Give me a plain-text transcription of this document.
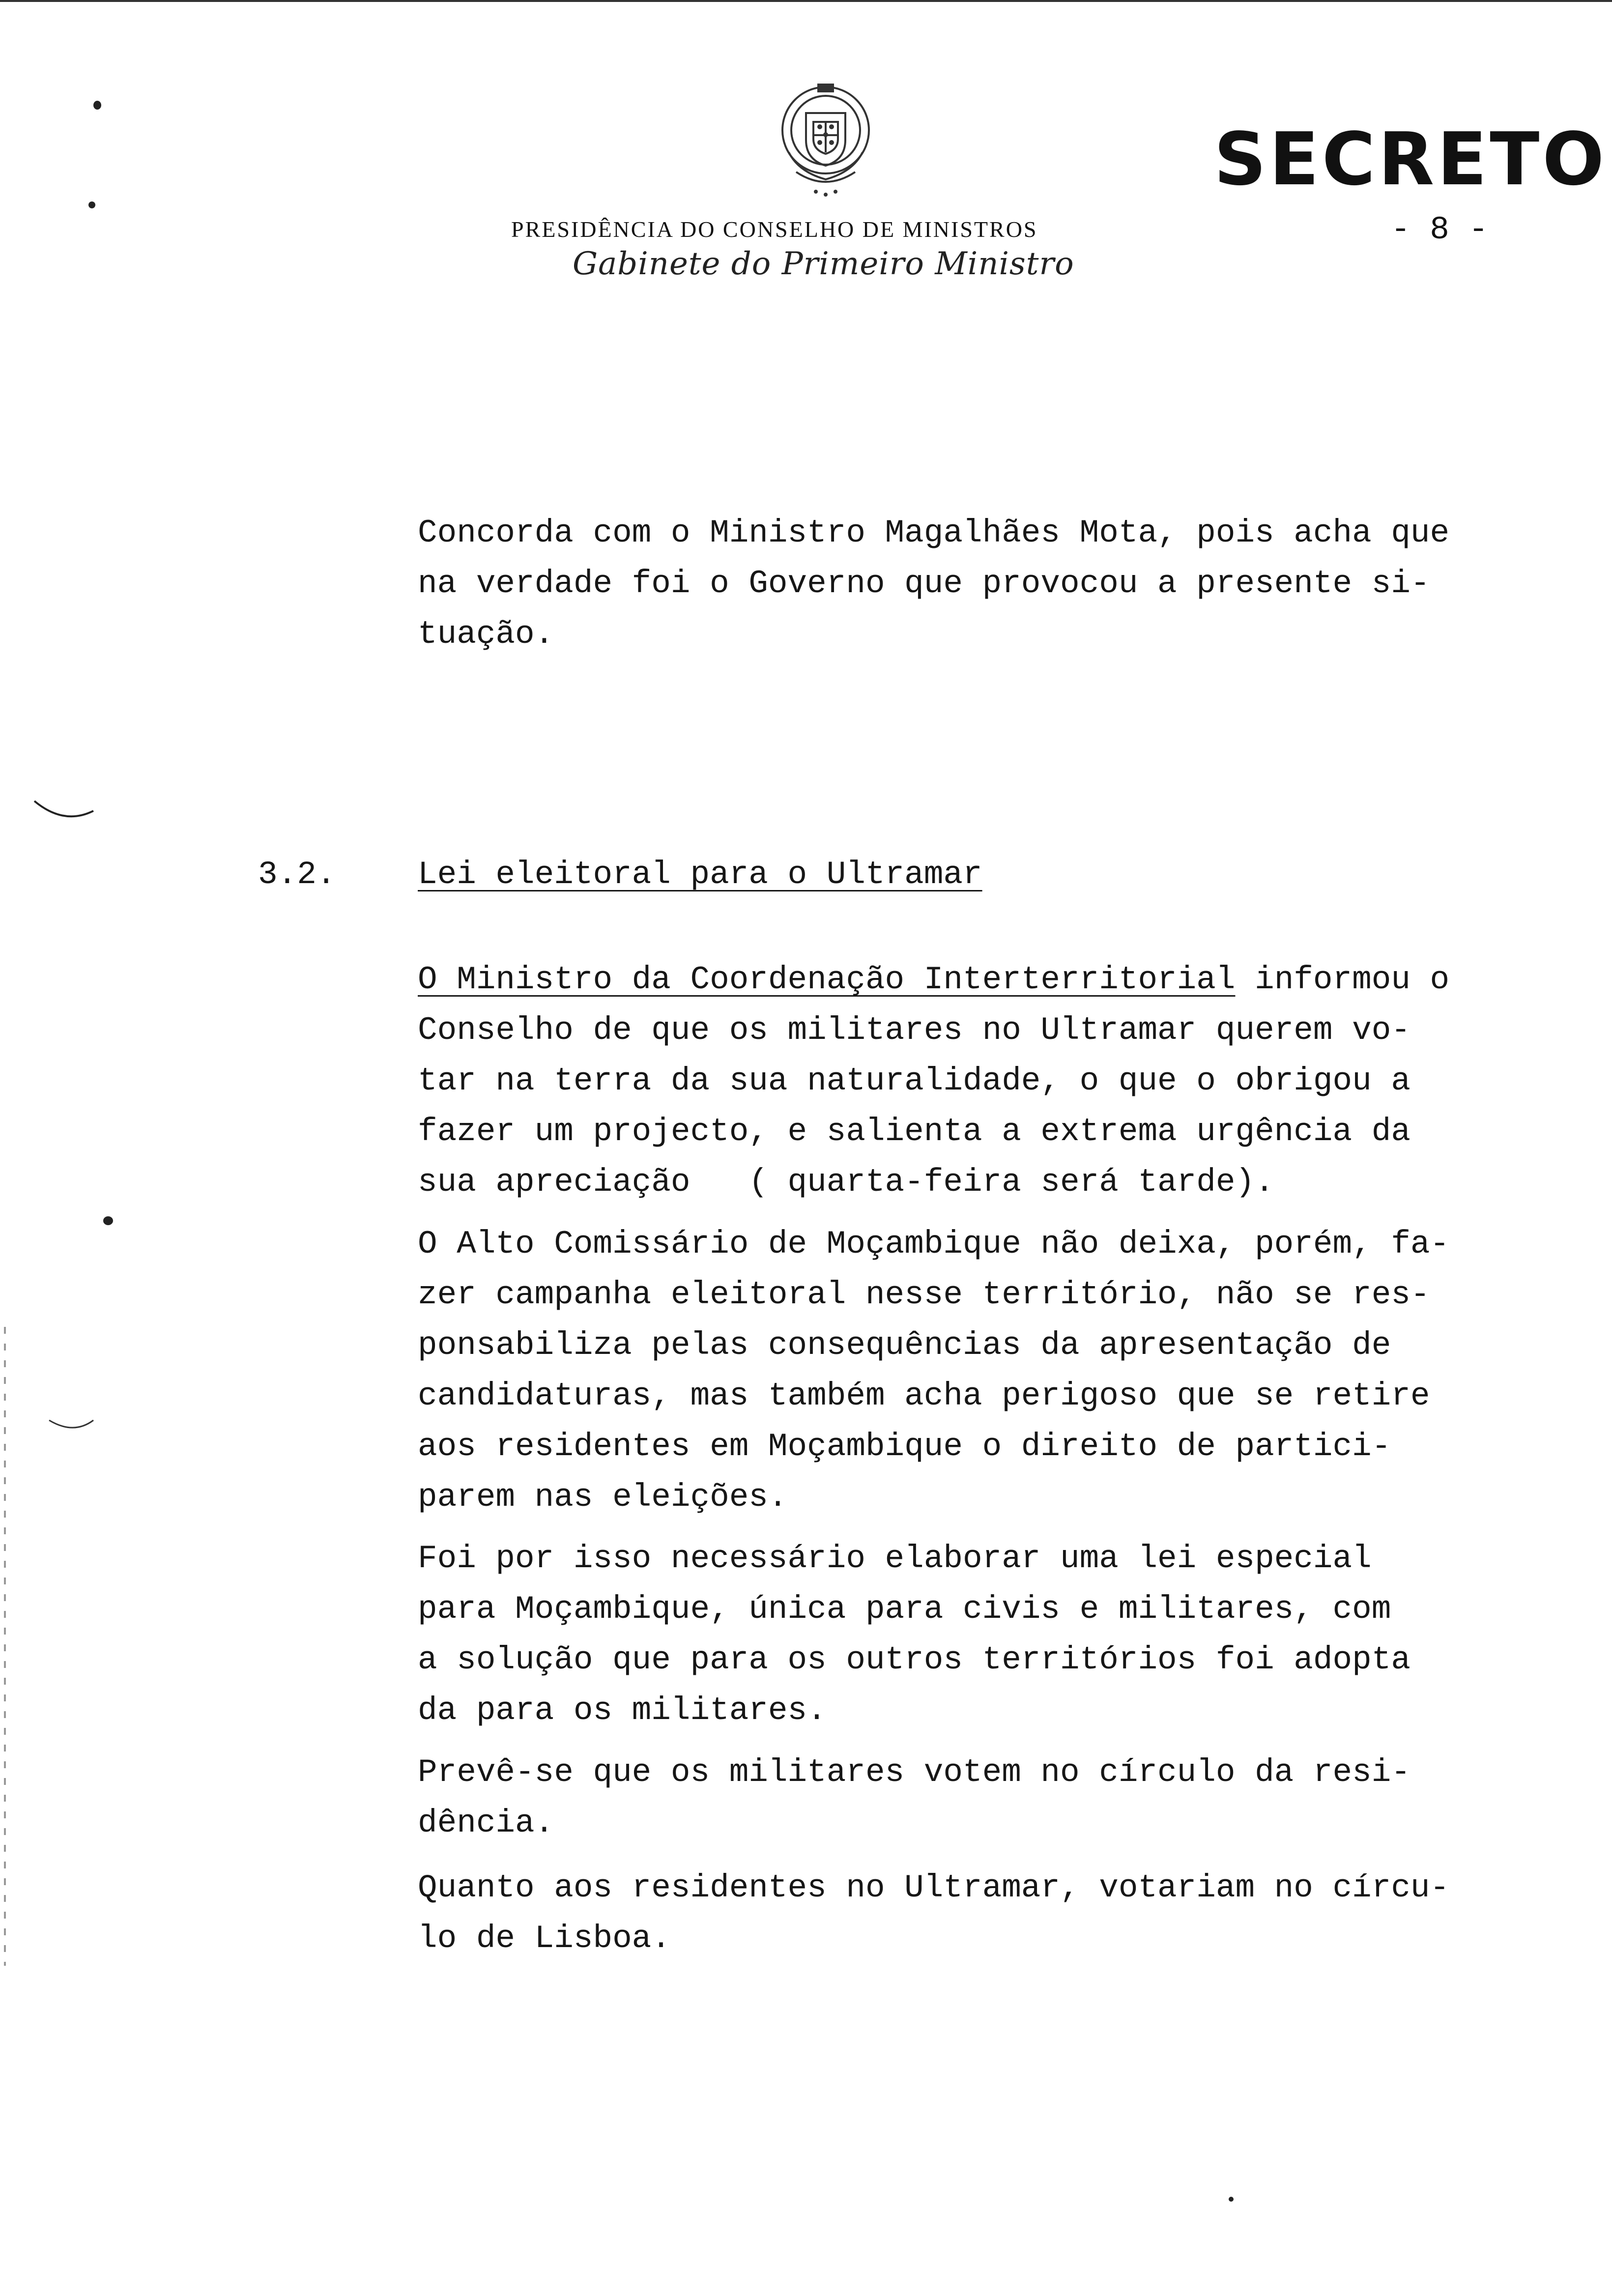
SECRETO
- 8 -
PRESIDÊNCIA DO CONSELHO DE MINISTROS
Gabinete do Primeiro Ministro

Concorda com o Ministro Magalhães Mota, pois acha que

na verdade foi o Governo que provocou a presente si-

tuação.

3.2.	Lei eleitoral para o Ultramar

O Ministro da Coordenação Interterritorial informou o

Conselho de que os militares no Ultramar querem vo-

tar na terra da sua naturalidade, o que o obrigou a

fazer um projecto, e salienta a extrema urgência da

sua apreciação   ( quarta-feira será tarde).

O Alto Comissário de Moçambique não deixa, porém, fa-

zer campanha eleitoral nesse território, não se res-

ponsabiliza pelas consequências da apresentação de

candidaturas, mas também acha perigoso que se retire

aos residentes em Moçambique o direito de partici-

parem nas eleições.

Foi por isso necessário elaborar uma lei especial

para Moçambique, única para civis e militares, com

a solução que para os outros territórios foi adopta

da para os militares.

Prevê-se que os militares votem no círculo da resi-

dência.

Quanto aos residentes no Ultramar, votariam no círcu-

lo de Lisboa.
